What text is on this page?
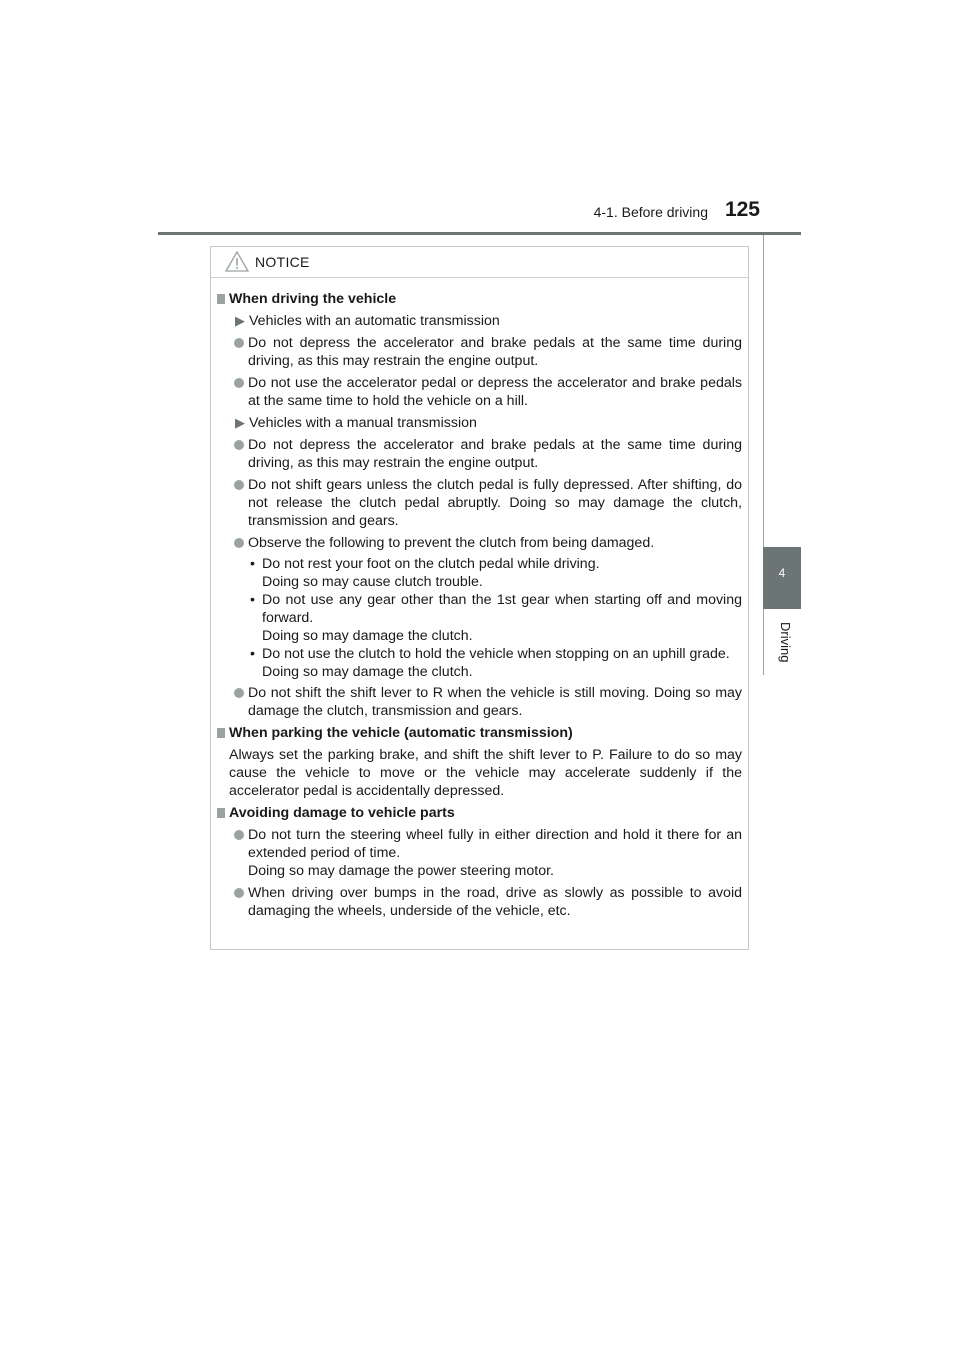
4-1. Before driving 125
4
Driving
NOTICE
When driving the vehicle
▶ Vehicles with an automatic transmission
Do not depress the accelerator and brake pedals at the same time during driving, as this may restrain the engine output.
Do not use the accelerator pedal or depress the accelerator and brake pedals at the same time to hold the vehicle on a hill.
▶ Vehicles with a manual transmission
Do not depress the accelerator and brake pedals at the same time during driving, as this may restrain the engine output.
Do not shift gears unless the clutch pedal is fully depressed. After shifting, do not release the clutch pedal abruptly. Doing so may damage the clutch, transmission and gears.
Observe the following to prevent the clutch from being damaged.
• Do not rest your foot on the clutch pedal while driving.
Doing so may cause clutch trouble.
• Do not use any gear other than the 1st gear when starting off and moving forward.
Doing so may damage the clutch.
• Do not use the clutch to hold the vehicle when stopping on an uphill grade.
Doing so may damage the clutch.
Do not shift the shift lever to R when the vehicle is still moving. Doing so may damage the clutch, transmission and gears.
When parking the vehicle (automatic transmission)
Always set the parking brake, and shift the shift lever to P. Failure to do so may cause the vehicle to move or the vehicle may accelerate suddenly if the accelerator pedal is accidentally depressed.
Avoiding damage to vehicle parts
Do not turn the steering wheel fully in either direction and hold it there for an extended period of time.
Doing so may damage the power steering motor.
When driving over bumps in the road, drive as slowly as possible to avoid damaging the wheels, underside of the vehicle, etc.
